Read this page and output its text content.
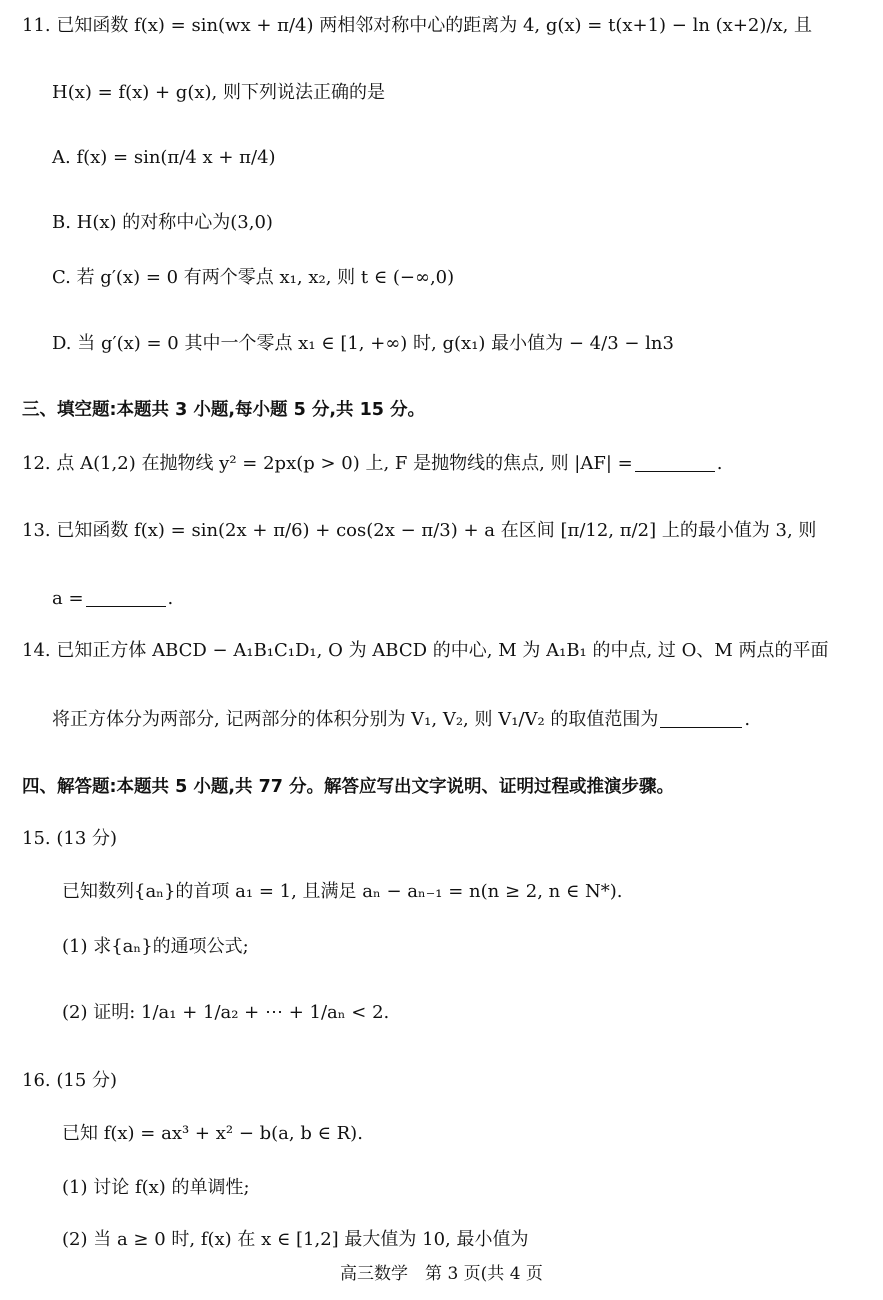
11. 已知函数 f(x) = sin(wx + π/4) 两相邻对称中心的距离为 4, g(x) = t(x+1) − ln (x+2)/x, 且
H(x) = f(x) + g(x), 则下列说法正确的是
A. f(x) = sin(π/4 x + π/4)
B. H(x) 的对称中心为(3,0)
C. 若 g′(x) = 0 有两个零点 x₁, x₂, 则 t ∈ (−∞,0)
D. 当 g′(x) = 0 其中一个零点 x₁ ∈ [1, +∞) 时, g(x₁) 最小值为 − 4/3 − ln3
三、填空题:本题共 3 小题,每小题 5 分,共 15 分。
12. 点 A(1,2) 在抛物线 y² = 2px(p > 0) 上, F 是抛物线的焦点, 则 |AF| =	.
13. 已知函数 f(x) = sin(2x + π/6) + cos(2x − π/3) + a 在区间 [π/12, π/2] 上的最小值为 3, 则
a =	.
14. 已知正方体 ABCD − A₁B₁C₁D₁, O 为 ABCD 的中心, M 为 A₁B₁ 的中点, 过 O、M 两点的平面
将正方体分为两部分, 记两部分的体积分别为 V₁, V₂, 则 V₁/V₂ 的取值范围为	.
四、解答题:本题共 5 小题,共 77 分。解答应写出文字说明、证明过程或推演步骤。
15. (13 分)
已知数列{aₙ}的首项 a₁ = 1, 且满足 aₙ − aₙ₋₁ = n(n ≥ 2, n ∈ N*).
(1) 求{aₙ}的通项公式;
(2) 证明: 1/a₁ + 1/a₂ + ⋯ + 1/aₙ < 2.
16. (15 分)
已知 f(x) = ax³ + x² − b(a, b ∈ R).
(1) 讨论 f(x) 的单调性;
(2) 当 a ≥ 0 时, f(x) 在 x ∈ [1,2] 最大值为 10, 最小值为
高三数学　第 3 页(共 4 页
